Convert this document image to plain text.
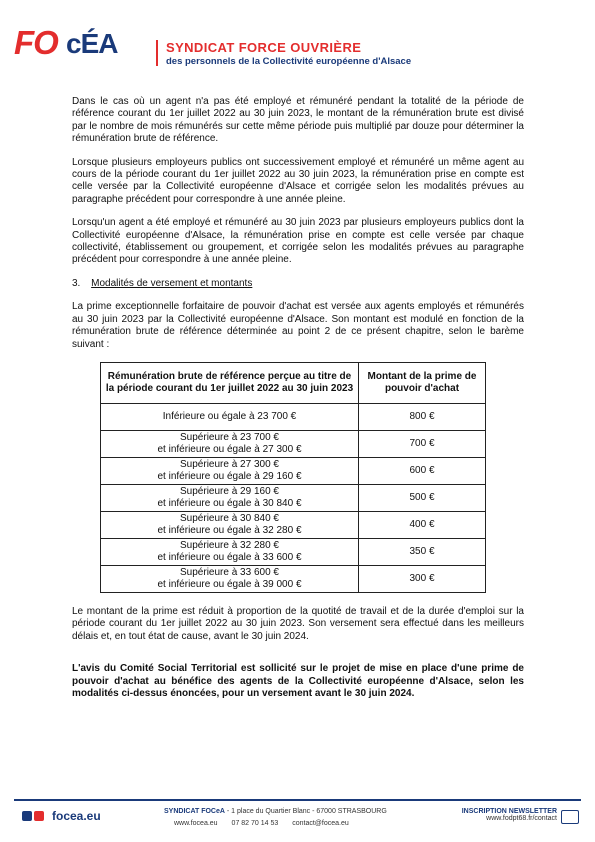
FO cÉA	SYNDICAT FORCE OUVRIÈRE
des personnels de la Collectivité européenne d'Alsace

Dans le cas où un agent n'a pas été employé et rémunéré pendant la totalité de la période de référence courant du 1er juillet 2022 au 30 juin 2023, le montant de la rémunération brute est divisé par le nombre de mois rémunérés sur cette même période puis multiplié par douze pour déterminer la rémunération brute de référence.

Lorsque plusieurs employeurs publics ont successivement employé et rémunéré un même agent au cours de la période courant du 1er juillet 2022 au 30 juin 2023, la rémunération prise en compte est celle versée par la Collectivité européenne d'Alsace et corrigée selon les modalités prévues au paragraphe précédent pour correspondre à une année pleine.

Lorsqu'un agent a été employé et rémunéré au 30 juin 2023 par plusieurs employeurs publics dont la Collectivité européenne d'Alsace, la rémunération prise en compte est celle versée par chaque collectivité, établissement ou groupement, et corrigée selon les modalités prévues au paragraphe précédent pour correspondre à une année pleine.

3. Modalités de versement et montants

La prime exceptionnelle forfaitaire de pouvoir d'achat est versée aux agents employés et rémunérés au 30 juin 2023 par la Collectivité européenne d'Alsace. Son montant est modulé en fonction de la rémunération brute de référence déterminée au point 2 de ce présent chapitre, selon le barème suivant :

Rémunération brute de référence perçue au titre de la période courant du 1er juillet 2022 au 30 juin 2023	Montant de la prime de pouvoir d'achat
Inférieure ou égale à 23 700 €	800 €
Supérieure à 23 700 €
et inférieure ou égale à 27 300 €	700 €
Supérieure à 27 300 €
et inférieure ou égale à 29 160 €	600 €
Supérieure à 29 160 €
et inférieure ou égale à 30 840 €	500 €
Supérieure à 30 840 €
et inférieure ou égale à 32 280 €	400 €
Supérieure à 32 280 €
et inférieure ou égale à 33 600 €	350 €
Supérieure à 33 600 €
et inférieure ou égale à 39 000 €	300 €

Le montant de la prime est réduit à proportion de la quotité de travail et de la durée d'emploi sur la période courant du 1er juillet 2022 au 30 juin 2023. Son versement sera effectué dans les meilleurs délais et, en tout état de cause, avant le 30 juin 2024.

L'avis du Comité Social Territorial est sollicité sur le projet de mise en place d'une prime de pouvoir d'achat au bénéfice des agents de la Collectivité européenne d'Alsace, selon les modalités ci-dessus énoncées, pour un versement avant le 30 juin 2024.

focea.eu	SYNDICAT FOCeA - 1 place du Quartier Blanc - 67000 STRASBOURG
www.focea.eu 07 82 70 14 53 contact@focea.eu
INSCRIPTION NEWSLETTER
www.fodpt68.fr/contact
